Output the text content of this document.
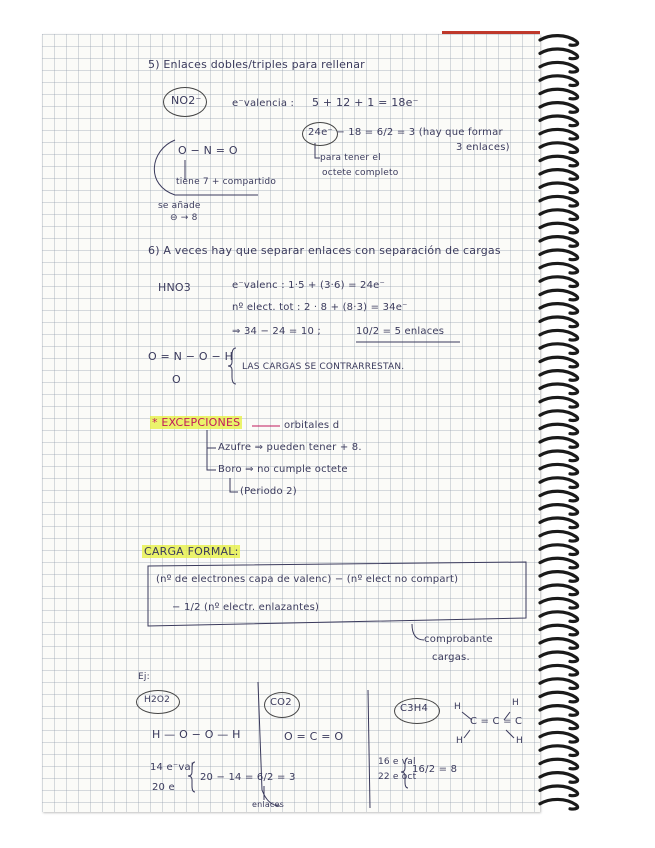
5) Enlaces dobles/triples para rellenar
NO2⁻	e⁻valencia : 5 + 12 + 1 = 18e⁻
24e⁻ − 18 = 6/2 = 3 (hay que formar
3 enlaces)
para tener el
octete completo
O − N = O
tiene 7 + compartido
se añade
⊖ → 8
6) A veces hay que separar enlaces con separación de cargas
HNO3	e⁻valenc : 1·5 + (3·6) = 24e⁻
nº elect. tot : 2 · 8 + (8·3) = 34e⁻
⇒ 34 − 24 = 10 ;	10/2 = 5 enlaces
O = N − O − H
O
LAS CARGAS SE CONTRARRESTAN.
* EXCEPCIONES	orbitales d
Azufre ⇒ pueden tener + 8.
Boro ⇒ no cumple octete
(Periodo 2)
CARGA FORMAL:
(nº de electrones capa de valenc) − (nº elect no compart)
− 1/2 (nº electr. enlazantes)
comprobante
cargas.
Ej:
H2O2
H — O − O — H
14 e⁻val
20 e
20 − 14 = 6/2 = 3
enlaces
CO2
O = C = O
C3H4
C = C = C
H
H
H
H
16 e val
22 e oct
16/2 = 8
